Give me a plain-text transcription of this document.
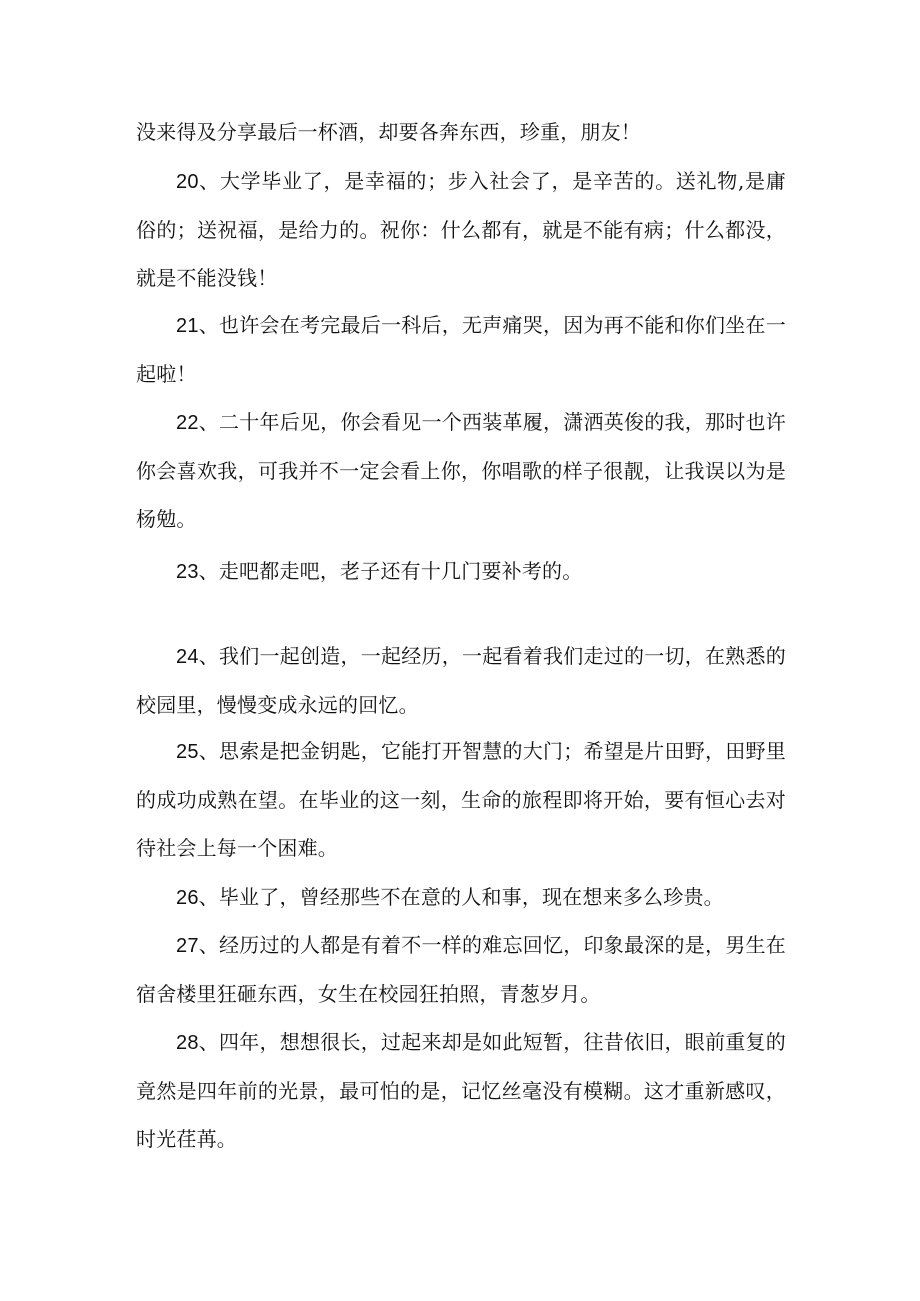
没来得及分享最后一杯酒，却要各奔东西，珍重，朋友！

20、大学毕业了，是幸福的；步入社会了，是辛苦的。送礼物,是庸俗的；送祝福，是给力的。祝你：什么都有，就是不能有病；什么都没，就是不能没钱！

21、也许会在考完最后一科后，无声痛哭，因为再不能和你们坐在一起啦！

22、二十年后见，你会看见一个西装革履，潇洒英俊的我，那时也许你会喜欢我，可我并不一定会看上你，你唱歌的样子很靓，让我误以为是杨勉。

23、走吧都走吧，老子还有十几门要补考的。

24、我们一起创造，一起经历，一起看着我们走过的一切，在熟悉的校园里，慢慢变成永远的回忆。

25、思索是把金钥匙，它能打开智慧的大门；希望是片田野，田野里的成功成熟在望。在毕业的这一刻，生命的旅程即将开始，要有恒心去对待社会上每一个困难。

26、毕业了，曾经那些不在意的人和事，现在想来多么珍贵。

27、经历过的人都是有着不一样的难忘回忆，印象最深的是，男生在宿舍楼里狂砸东西，女生在校园狂拍照，青葱岁月。

28、四年，想想很长，过起来却是如此短暂，往昔依旧，眼前重复的竟然是四年前的光景，最可怕的是，记忆丝毫没有模糊。这才重新感叹，时光荏苒。
